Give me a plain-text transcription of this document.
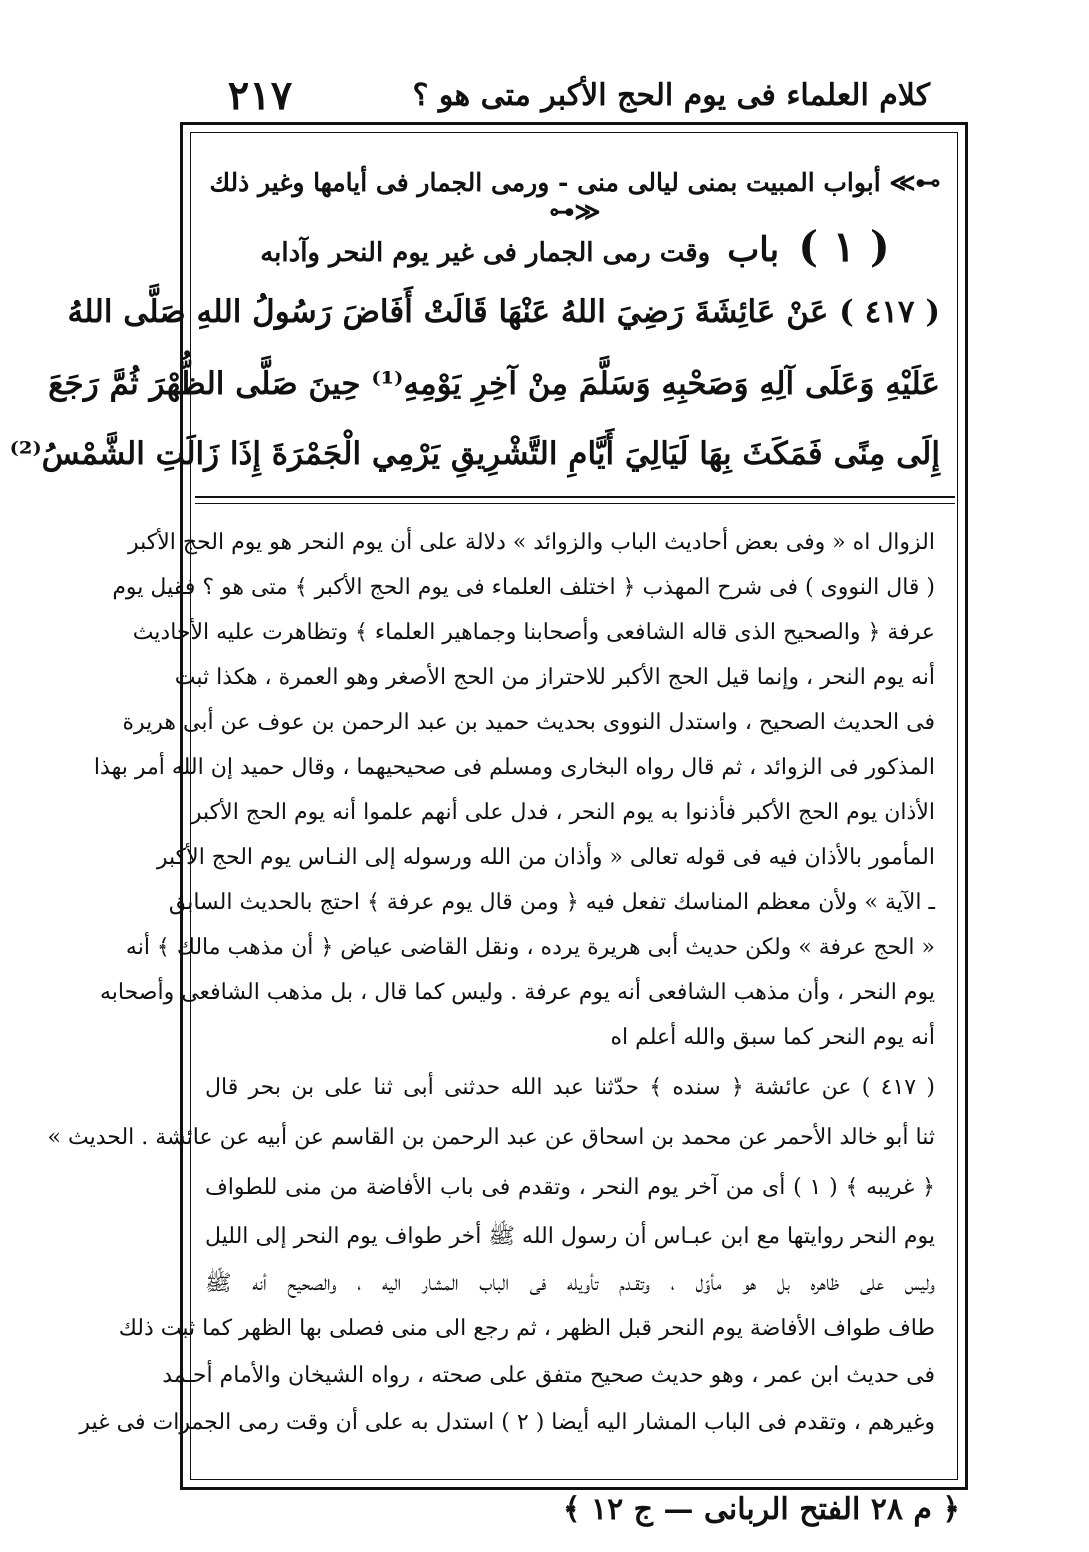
٢١٧	كلام العلماء فى يوم الحج الأكبر متى هو ؟
⊶≫ أبواب المبيت بمنى ليالى منى - ورمى الجمار فى أيامها وغير ذلك ≪⊷
( ١ ) باب وقت رمى الجمار فى غير يوم النحر وآدابه
( ٤١٧ ) عَنْ عَائِشَةَ رَضِيَ اللهُ عَنْهَا قَالَتْ أَفَاضَ رَسُولُ اللهِ صَلَّى اللهُ
عَلَيْهِ وَعَلَى آلِهِ وَصَحْبِهِ وَسَلَّمَ مِنْ آخِرِ يَوْمِهِ⁽¹⁾ حِينَ صَلَّى الظُّهْرَ ثُمَّ رَجَعَ
إِلَى مِنًى فَمَكَثَ بِهَا لَيَالِيَ أَيَّامِ التَّشْرِيقِ يَرْمِي الْجَمْرَةَ إِذَا زَالَتِ الشَّمْسُ⁽²⁾
الزوال اه « وفى بعض أحاديث الباب والزوائد » دلالة على أن يوم النحر هو يوم الحج الأكبر
( قال النووى ) فى شرح المهذب ﴿ اختلف العلماء فى يوم الحج الأكبر ﴾ متى هو ؟ فقيل يوم
عرفة ﴿ والصحيح الذى قاله الشافعى وأصحابنا وجماهير العلماء ﴾ وتظاهرت عليه الأحاديث
أنه يوم النحر ، وإنما قيل الحج الأكبر للاحتراز من الحج الأصغر وهو العمرة ، هكذا ثبت
فى الحديث الصحيح ، واستدل النووى بحديث حميد بن عبد الرحمن بن عوف عن أبى هريرة
المذكور فى الزوائد ، ثم قال رواه البخارى ومسلم فى صحيحيهما ، وقال حميد إن الله أمر بهذا
الأذان يوم الحج الأكبر فأذنوا به يوم النحر ، فدل على أنهم علموا أنه يوم الحج الأكبر
المأمور بالأذان فيه فى قوله تعالى « وأذان من الله ورسوله إلى النـاس يوم الحج الأكبر
ـ الآية » ولأن معظم المناسك تفعل فيه ﴿ ومن قال يوم عرفة ﴾ احتج بالحديث السابق
« الحج عرفة » ولكن حديث أبى هريرة يرده ، ونقل القاضى عياض ﴿ أن مذهب مالك ﴾ أنه
يوم النحر ، وأن مذهب الشافعى أنه يوم عرفة . وليس كما قال ، بل مذهب الشافعى وأصحابه
أنه يوم النحر كما سبق والله أعلم اه
( ٤١٧ ) عن عائشة ﴿ سنده ﴾ حدّثنا عبد الله حدثنى أبى ثنا على بن بحر قال
ثنا أبو خالد الأحمر عن محمد بن اسحاق عن عبد الرحمن بن القاسم عن أبيه عن عائشة . الحديث »
﴿ غريبه ﴾ ( ١ ) أى من آخر يوم النحر ، وتقدم فى باب الأفاضة من منى للطواف
يوم النحر روايتها مع ابن عبـاس أن رسول الله ﷺ أخر طواف يوم النحر إلى الليل
وليس على ظاهره بل هو مأوّل ، وتقـدم تأويله فى الباب المشار اليه ، والصحيح أنه ﷺ
طاف طواف الأفاضة يوم النحر قبل الظهر ، ثم رجع الى منى فصلى بها الظهر كما ثبت ذلك
فى حديث ابن عمر ، وهو حديث صحيح متفق على صحته ، رواه الشيخان والأمام أحـمد
وغيرهم ، وتقدم فى الباب المشار اليه أيضا ( ٢ ) استدل به على أن وقت رمى الجمرات فى غير
﴿ م ٢٨ الفتح الربانى — ج ١٢ ﴾
